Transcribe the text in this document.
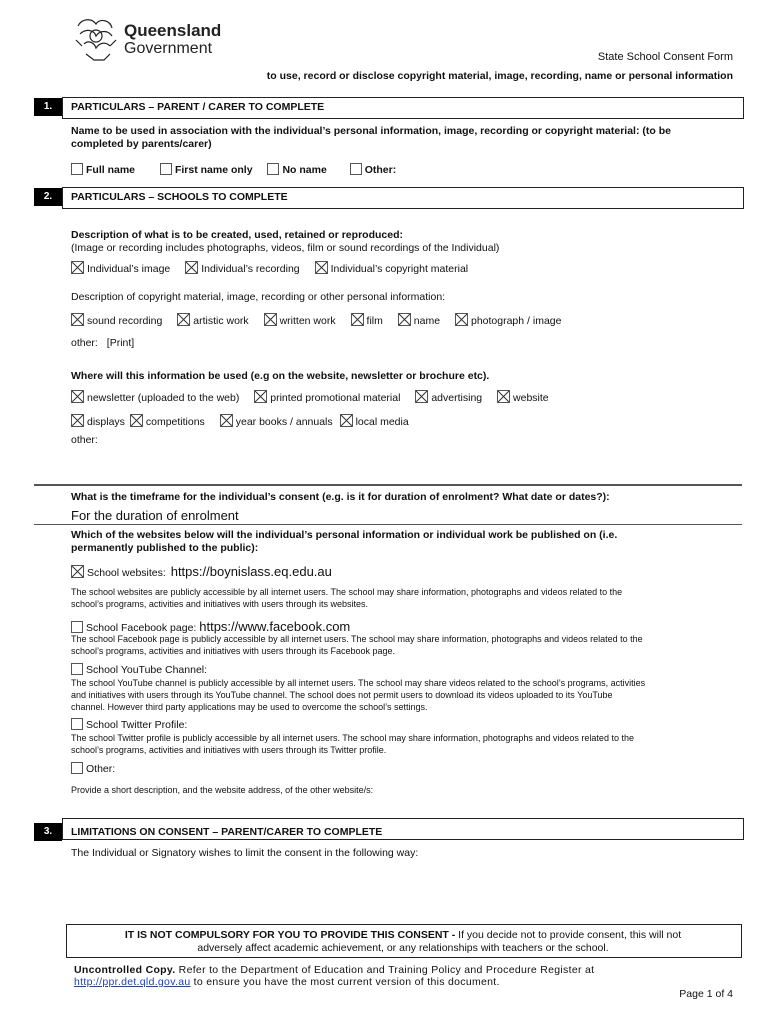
Queensland
Government	State School Consent Form
to use, record or disclose copyright material, image, recording, name or personal information
1.	PARTICULARS – PARENT / CARER TO COMPLETE
Name to be used in association with the individual’s personal information, image, recording or copyright material: (to be
completed by parents/carer)
Full name	First name only	No name	Other:
2.	PARTICULARS – SCHOOLS TO COMPLETE
Description of what is to be created, used, retained or reproduced:
(Image or recording includes photographs, videos, film or sound recordings of the Individual)
Individual’s image	Individual’s recording	Individual’s copyright material
Description of copyright material, image, recording or other personal information:
sound recording	artistic work	written work	film	name	photograph / image
other: [Print]
Where will this information be used (e.g on the website, newsletter or brochure etc).
newsletter (uploaded to the web)	printed promotional material	advertising	website
displays competitions	year books / annuals local media
other:
What is the timeframe for the individual’s consent (e.g. is it for duration of enrolment? What date or dates?):
For the duration of enrolment
Which of the websites below will the individual’s personal information or individual work be published on (i.e.
permanently published to the public):
School websites: https://boynislass.eq.edu.au
The school websites are publicly accessible by all internet users. The school may share information, photographs and videos related to the
school’s programs, activities and initiatives with users through its websites.
School Facebook page: https://www.facebook.com
The school Facebook page is publicly accessible by all internet users. The school may share information, photographs and videos related to the
school’s programs, activities and initiatives with users through its Facebook page.
School YouTube Channel:
The school YouTube channel is publicly accessible by all internet users. The school may share videos related to the school’s programs, activities
and initiatives with users through its YouTube channel. The school does not permit users to download its videos uploaded to its YouTube
channel. However third party applications may be used to overcome the school’s settings.
School Twitter Profile:
The school Twitter profile is publicly accessible by all internet users. The school may share information, photographs and videos related to the
school’s programs, activities and initiatives with users through its Twitter profile.
Other:
Provide a short description, and the website address, of the other website/s:
3.	LIMITATIONS ON CONSENT – PARENT/CARER TO COMPLETE
The Individual or Signatory wishes to limit the consent in the following way:
IT IS NOT COMPULSORY FOR YOU TO PROVIDE THIS CONSENT - If you decide not to provide consent, this will not
adversely affect academic achievement, or any relationships with teachers or the school.
Uncontrolled Copy. Refer to the Department of Education and Training Policy and Procedure Register at
http://ppr.det.qld.gov.au to ensure you have the most current version of this document.
Page 1 of 4
